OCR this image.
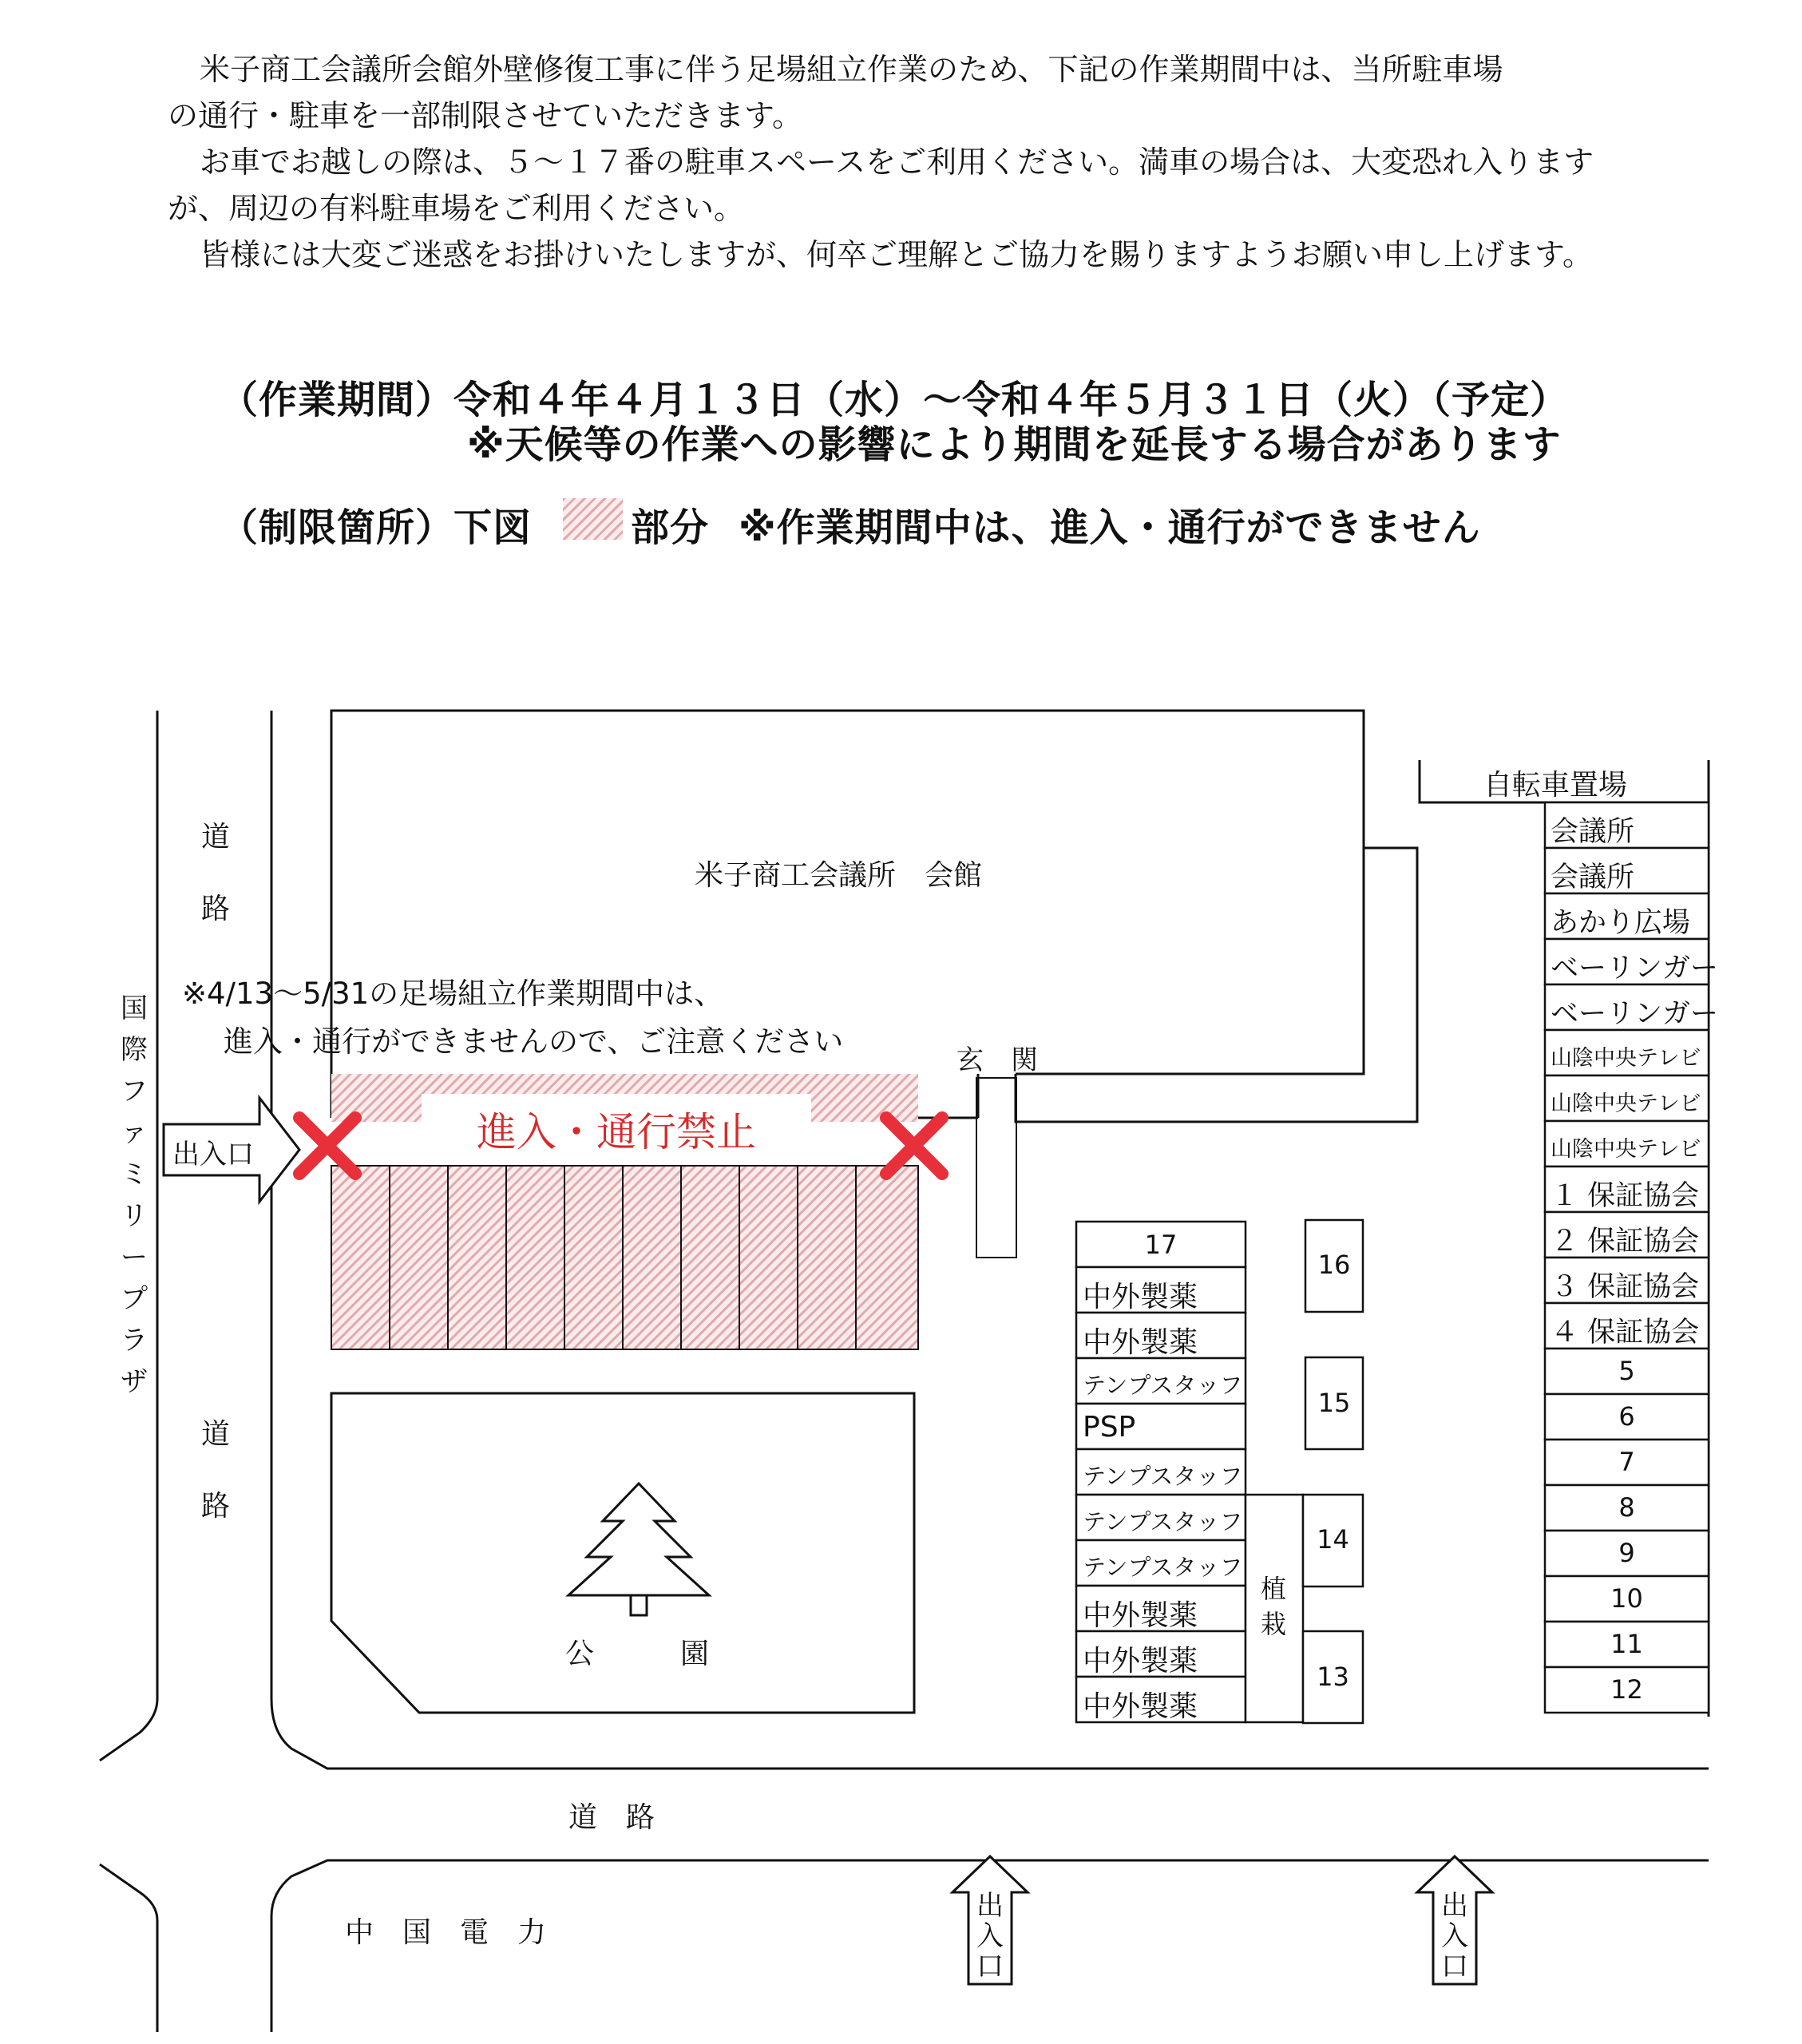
米子商工会議所会館外壁修復工事に伴う足場組立作業のため、下記の作業期間中は、当所駐車場

の通行・駐車を一部制限させていただきます。

お車でお越しの際は、５～１７番の駐車スペースをご利用ください。満車の場合は、大変恐れ入ります

が、周辺の有料駐車場をご利用ください。

皆様には大変ご迷惑をお掛けいたしますが、何卒ご理解とご協力を賜りますようお願い申し上げます。

（作業期間）
令和４年４月１３日（水）～令和４年５月３１日（火）（予定）
※天候等の作業への影響により期間を延長する場合があります
（制限箇所）
下図	部分 ※作業期間中は、進入・通行ができません
米子商工会議所　会館
玄　関
※4/13～5/31の足場組立作業期間中は、
進入・通行ができませんので、ご注意ください
進入・通行禁止
出入口
道
路
道
路
国
際
フ
ァ
ミ
リ
ー
プ
ラ
ザ
公　　　園
道　路
中　国　電　力
出
入
口
出
入
口
自転車置場
植
栽
17
中外製薬
中外製薬
テンプスタッフ
PSP
テンプスタッフ
テンプスタッフ
テンプスタッフ
中外製薬
中外製薬
中外製薬
16
15
14
13
会議所
会議所
あかり広場
ベーリンガー
ベーリンガー
山陰中央テレビ
山陰中央テレビ
山陰中央テレビ
１ 保証協会
２ 保証協会
３ 保証協会
４ 保証協会
5
6
7
8
9
10
11
12
